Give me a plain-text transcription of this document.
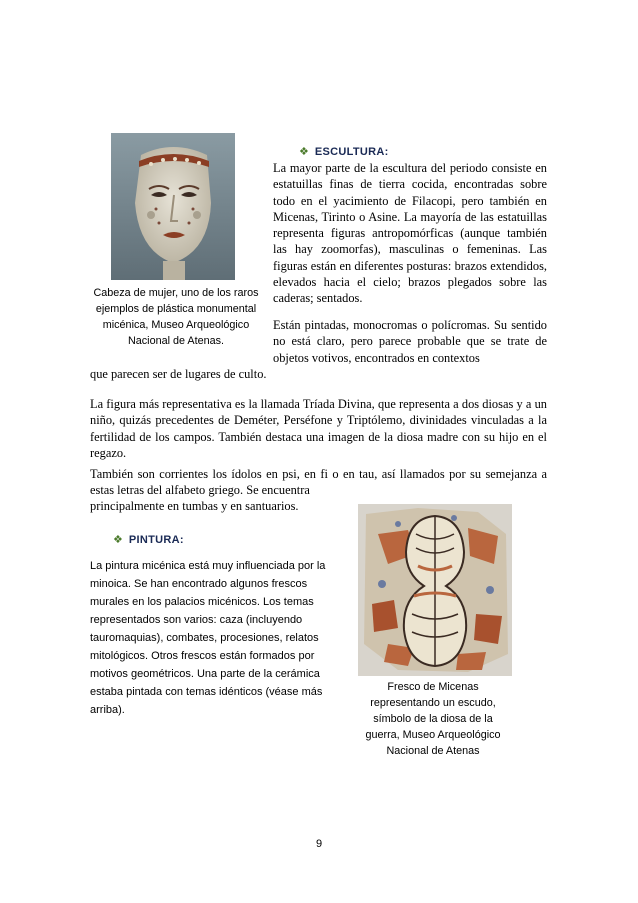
Cabeza de mujer, uno de los raros ejemplos de plástica monumental micénica, Museo Arqueológico Nacional de Atenas.
❖ ESCULTURA:
La mayor parte de la escultura del periodo consiste en estatuillas finas de tierra cocida, encontradas sobre todo en el yacimiento de Filacopi, pero también en Micenas, Tirinto o Asine. La mayoría de las estatuillas representa figuras antropomórficas (aunque también las hay zoomorfas), masculinas o femeninas. Las figuras están en diferentes posturas: brazos extendidos, elevados hacia el cielo; brazos plegados sobre las caderas; sentados.
Están pintadas, monocromas o polícromas. Su sentido no está claro, pero parece probable que se trate de objetos votivos, encontrados en contextos
que parecen ser de lugares de culto.
La figura más representativa es la llamada Tríada Divina, que representa a dos diosas y a un niño, quizás precedentes de Deméter, Perséfone y Triptólemo, divinidades vinculadas a la fertilidad de los campos. También destaca una imagen de la diosa madre con su hijo en el regazo.
También son corrientes los ídolos en psi, en fi o en tau, así llamados por su semejanza a estas letras del alfabeto griego. Se encuentra
principalmente en tumbas y en santuarios.
❖ PINTURA:
La pintura micénica está muy influenciada por la minoica. Se han encontrado algunos frescos murales en los palacios micénicos. Los temas representados son varios: caza (incluyendo tauromaquias), combates, procesiones, relatos mitológicos. Otros frescos están formados por motivos geométricos. Una parte de la cerámica estaba pintada con temas idénticos (véase más arriba).
Fresco de Micenas representando un escudo, símbolo de la diosa de la guerra, Museo Arqueológico Nacional de Atenas
9
